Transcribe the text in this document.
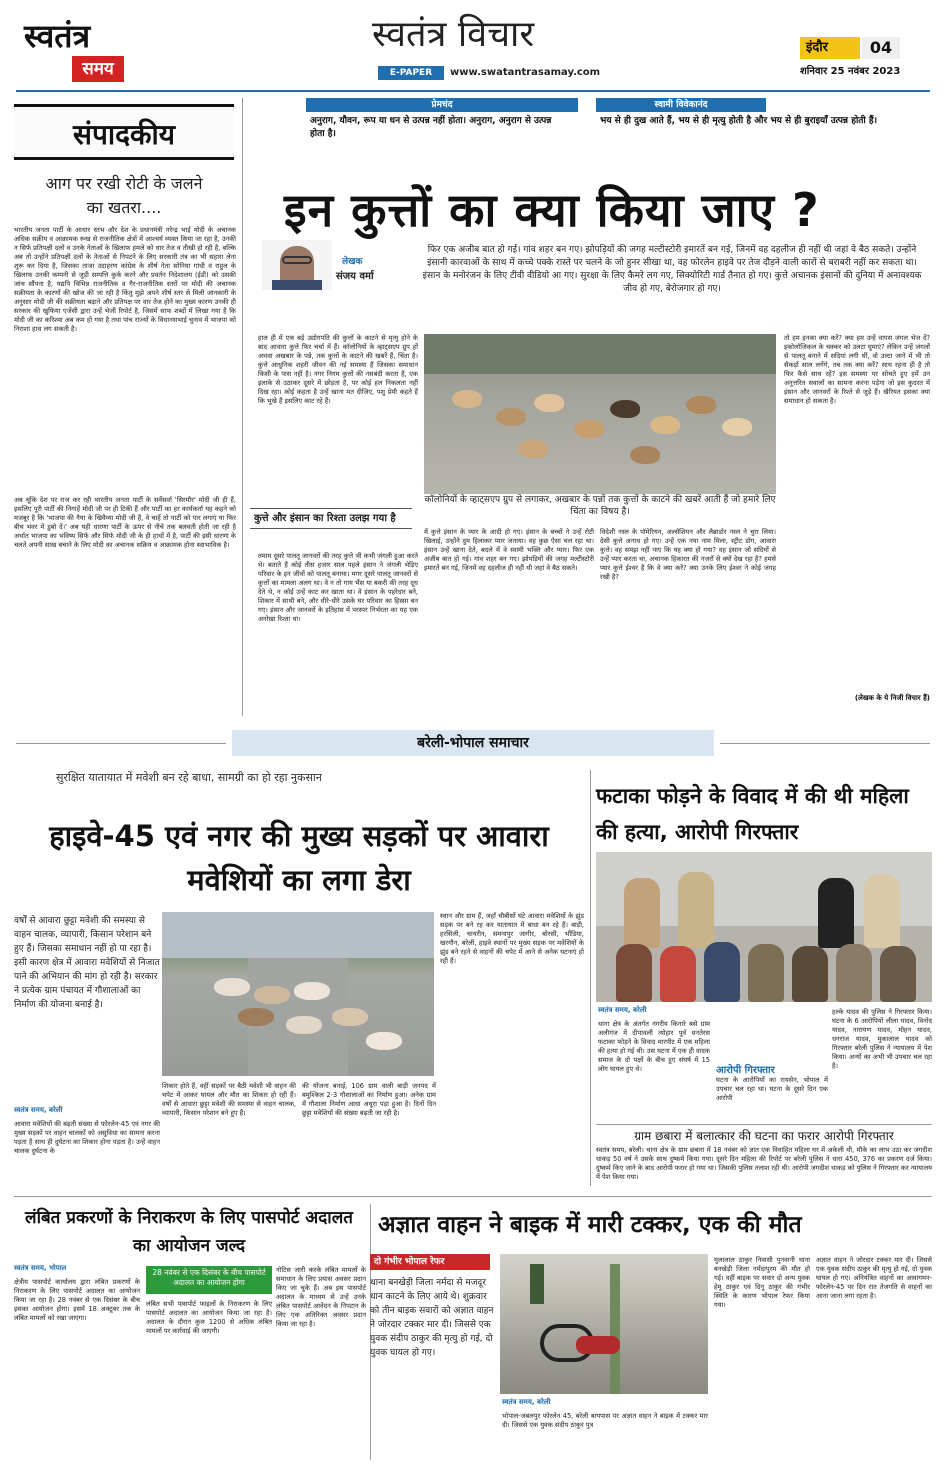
स्वतंत्र
समय
स्वतंत्र विचार
E-PAPER	www.swatantrasamay.com
इंदौर	04
शनिवार 25 नवंबर 2023
प्रेमचंद
अनुराग, यौवन, रूप या धन से उत्पन्न नहीं होता। अनुराग, अनुराग से उत्पन्न होता है।
स्वामी विवेकानंद
भय से ही दुख आते हैं, भय से ही मृत्यु होती है और भय से ही बुराइयाँ उत्पन्न होती हैं।
संपादकीय
आग पर रखी रोटी के जलने का खतरा....
भारतीय जनता पार्टी के आधार स्तंभ और देश के प्रधानमंत्री नरेन्द्र भाई मोदी के अचानक अधिक सक्रीय व आक्रामक रूख से राजनीतिक क्षेत्रों में आश्चर्य व्यक्त किया जा रहा है, उनकी न सिर्फ प्रतिपक्षी दलों व उनके नेताओं के खिलाफ हमले को धार तेज व तीखी हो रही है, बल्कि अब तो उन्होंने प्रतिपक्षी दलों के नेताओं से निपटने के लिए सरकारी तंत्र का भी सहारा लेना शुरू कर दिया है, जिसका ताजा उदाहरण कांग्रेस के शीर्ष नेता सोनिया गांधी व राहुल के खिलाफ उनकी कम्पनी से जुड़ी सम्पत्ति कुर्क करने और प्रवर्तन निदेशालय (ईडी) को उसकी जांच सौंपना है, यद्यपि विभिन्न राजनीतिक व गैर-राजनीतिक स्तरों पर मोदी की अचानक सक्रीयता के कारणों की खोज की जा रही है किंतु मुझे अपने शीर्ष स्तर से मिली जानकारी के अनुसार मोदी जी की सक्रीयता बढ़ाने और प्रतिपक्ष पर वार तेज होने का मुख्य कारण उनकी ही सरकार की खुफिया एजेंसी द्वारा उन्हें भेजी रिपोर्ट है, जिसमें साफ शब्दों में लिखा गया है कि मोदी जी का करिश्मा अब कम हो गया है तथा पांच राज्यों के विधानसभाई चुनाव में भाजपा को निराशा हाथ लग सकती है।
अब चूंकि देश पर राज कर रही भारतीय जनता पार्टी के सर्वेसर्वा 'सिरमौर' मोदी जी ही हैं, इसलिए पूरी पार्टी की निगाहें मोदी जी पर ही टिकी हैं और पार्टी का हर कार्यकर्ता यह कहने को मजबूर है कि 'भाजपा की नैया के खिवैय्या मोदी जी हैं, वे चाहें तो पार्टी को पार लगाएं या फिर बीच भंवर में डुबो दें।' अब यही धारणा पार्टी के ऊपर से नीचे तक बलवती होती जा रही है अर्थात भाजपा का भविष्य सिर्फ और सिर्फ मोदी जी के ही हाथों में है, पार्टी की इसी धारणा के चलते अपनी साख बचाने के लिए मोदी का अचानक सक्रिय व आक्रामक होना स्वाभाविक है।
इन कुत्तों का क्या किया जाए ?
लेखक
संजय वर्मा
फिर एक अजीब बात हो गई। गांव शहर बन गए। झोपड़ियों की जगह मल्टीस्टोरी इमारतें बन गई, जिनमें वह दहलीज ही नहीं थी जहां वे बैठ सकते। उन्होंने इंसानी कारवाओं के साथ में कच्चे पक्के रास्ते पर चलने के जो हुनर सीखा था, वह फोरलेन हाइवे पर तेज दौड़ने वाली कारों से बराबरी नहीं कर सकता था। इंसान के मनोरंजन के लिए टीवी वीडियो आ गए। सुरक्षा के लिए कैमरे लग गए, सिक्योरिटी गार्ड तैनात हो गए। कुत्ते अचानक इंसानों की दुनिया में अनावश्यक जीव हो गए, बेरोजगार हो गए।
हाल ही में एक बड़े उद्योगपति की कुत्तों के काटने से मृत्यु होने के बाद आवारा कुत्ते फिर चर्चा में हैं। कॉलोनियों के व्हाट्सएप ग्रुप हों अथवा अखबार के पन्ने, तक कुत्तों के काटने की खबरें हैं, चिंता है। कुत्ते आधुनिक शहरी जीवन की नई समस्या हैं जिसका समाधान किसी के पास नहीं है। नगर निगम कुत्तों की नसबंदी करता है, एक इलाके से उठाकर दूसरे में छोड़ता है, पर कोई हल निकलता नहीं दिख रहा। कोई कहता है उन्हें खाना मत दीजिए, पशु प्रेमी कहते हैं कि भूखे हैं इसलिए काट रहे हैं।
कुत्ते और इंसान का रिश्ता उलझ गया है
तमाम दूसरे पालतू जानवरों की तरह कुत्ते भी कभी जंगली हुआ करते थे। बताते हैं कोई तीस हजार साल पहले इंसान ने जंगली भेड़िए परिवार के इन जीवों को पालतू बनाया। मगर दूसरे पालतू जानवरों से कुत्तों का मामला अलग था। वे न तो गाय भैंस या बकरी की तरह दूध देते थे, न कोई उन्हें काट कर खाता था। वे इंसान के पहरेदार बने, शिकार में साथी बने, और धीरे-धीरे उसके घर परिवार का हिस्सा बन गए। इंसान और जानवरों के इतिहास में परस्पर निर्भरता का यह एक अनोखा रिश्ता था।
कॉलोनियों के व्हाट्सएप ग्रुप से लगाकर, अखबार के पन्नों तक कुत्तों के काटने की खबरें आती हैं जो हमारे लिए चिंता का विषय है।
में कुत्ते इंसान के प्यार के आदी हो गए। इंसान के बच्चों ने उन्हें रोटी खिलाई, उन्होंने दुम हिलाकर प्यार जताया। वह कुछ ऐसा चल रहा था। इंसान उन्हें खाना देते, बदले में वे स्वामी भक्ति और प्यार। फिर एक अजीब बात हो गई। गांव शहर बन गए। झोपड़ियों की जगह मल्टीस्टोरी इमारतें बन गई, जिनमें वह दहलीज ही नहीं थी जहां वे बैठ सकते।
विदेशी नस्ल के पॉमेरियन, अल्सेशियन और लैब्राडोर नस्ल ने चुरा लिया। देसी कुत्ते अनाथ हो गए। उन्हें एक नया नाम मिला, स्ट्रीट डॉग, आवारा कुत्ते। वह समझ नहीं पाए कि यह क्या हो गया? वह इंसान जो सदियों से उन्हें प्यार करता था, अचानक हिकारत की नजरों से क्यों देख रहा है? हमसे प्यार कुत्ते ईश्वर हैं कि वे क्या करें? क्या उनके लिए ईश्वर ने कोई जगह रखी है?
तो हम इनका क्या करें? क्या हम उन्हें वापस जंगल भेज दें? इकोलॉजिकल के चक्कर को उलटा घुमाएं? लेकिन उन्हें जंगलों से पालतू बनाने में सदियां लगी थीं, वो उल्टा जाने में भी तो सैकड़ों साल लगेंगे, तब तक क्या करें? साथ रहना ही है तो फिर कैसे साथ रहें? इस समस्या पर सोचते हुए हमें उन अनुत्तरित सवालों का सामना करना पड़ेगा जो इस कुदरत में इंसान और जानवरों के रिश्ते से जुड़े हैं। खैरियत इसका क्या समाधान हो सकता है।
(लेखक के ये निजी विचार हैं)
बरेली-भोपाल समाचार
सुरक्षित यातायात में मवेशी बन रहे बाधा, सामग्री का हो रहा नुकसान
हाइवे-45 एवं नगर की मुख्य सड़कों पर आवारा मवेशियों का लगा डेरा
वर्षों से आवारा छुट्टा मवेशी की समस्या से वाहन चालक, व्यापारी, किसान परेशान बने हुए हैं। जिसका समाधान नहीं हो पा रहा है। इसी कारण क्षेत्र में आवारा मवेशियों से निजात पाने की अभियान की मांग हो रही है। सरकार ने प्रत्येक ग्राम पंचायत में गौशालाओं का निर्माण की योजना बनाई है।
स्वतंत्र समय, बरेली
आवारा मवेशियों की बढ़ती संख्या से फोरलेन-45 एवं नगर की मुख्य सड़कों पर वाहन चालकों को असुविधा का सामना करना पड़ता है साथ ही दुर्घटना का शिकार होना पड़ता है। उन्हें वाहन चालक दुर्घटना के
शिकार होते हैं, वहीं सड़कों पर बैठी मवेशी भी वाहन की चपेट में आकर घायल और मौत का शिकार हो रही हैं। वर्षों से आवारा छुट्टा मवेशी की समस्या से वाहन चालक, व्यापारी, किसान परेशान बने हुए हैं।
की योजना बनाई, 106 ग्राम वाली बाड़ी जनपद में बमुश्किल 2-3 गौशालाओं का निर्माण हुआ। अनेक ग्राम में गौशाला निर्माण आधा अधूरा पड़ा हुआ है। दिनों दिन छुट्टा मवेशियों की संख्या बढ़ती जा रही है।
स्थान और ग्राम हैं, जहाँ चौबीसों घंटे आवारा मवेशियों के झुंड सड़क पर बने रह कर यातायात में बाधा बन रहे हैं। बाड़ी, हरसिली, चायरीन, समनापुर जागीर, बोरसी, भौंडिया, खरगौन, बरेली, हाइवे स्थानों पर मुख्य सड़क पर मवेशियों के झुंड बने रहने से वाहनों की चपेट में आने से अनेक घटनाएं हो रही हैं।
फटाका फोड़ने के विवाद में की थी महिला की हत्या, आरोपी गिरफ्तार
स्वतंत्र समय, बरेली
थाना क्षेत्र के अंतर्गत नगरीय किनारे बसे ग्राम अलीगंज में दीपावली त्योहार पूर्व धनतेरस फटाका फोड़ने के विवाद मारपीट में एक महिला की हत्या हो गई थी। उस घटना में एक ही वादक समाज के दो पक्षों के बीच हुए संघर्ष में 15 लोग घायल हुए थे।	आरोपी गिरफ्तार
घटना के आरोपियों का रायसेन, भोपाल में उपचार चल रहा था। घटना के दूसरे दिन एक आरोपी
हल्के यादव की पुलिस ने गिरफ्तार किया। घटना के 6 आरोपियों लीला यादव, विनोद यादव, नारायण यादव, मोहन यादव, धनराज यादव, मुकालाल यादव को गिरफ्तार बरेली पुलिस ने न्यायालय में पेश किया। अन्यों का अभी भी उपचार चल रहा है।
ग्राम छबारा में बलात्कार की घटना का फरार आरोपी गिरफ्तार
स्वतंत्र समय, बरेली। थाना क्षेत्र के ग्राम छबारा में 18 नवंबर को ज्ञात एक विवाहित महिला घर में अकेली थी, मौके का लाभ उठा कर जगदीश धाकड़ 50 वर्ष ने उसके साथ दुष्कर्म किया गया। दूसरे दिन महिला की रिपोर्ट पर बरेली पुलिस ने धारा 450, 376 का प्रकरण दर्ज किया। दुष्कर्म किए जाने के बाद आरोपी फरार हो गया था। जिसकी पुलिस तलाश रही थी। आरोपी जगदीश धाकड़ को पुलिस ने गिरफ्तार कर न्यायालय में पेश किया गया।
लंबित प्रकरणों के निराकरण के लिए पासपोर्ट अदालत का आयोजन जल्द
स्वतंत्र समय, भोपाल
क्षेत्रीय पासपोर्ट कार्यालय द्वारा लंबित प्रकरणों के निराकरण के लिए पासपोर्ट अदालत का आयोजन किया जा रहा है। 28 नवंबर से एक दिसंबर के बीच इसका आयोजन होगा। इसमें 18 अक्टूबर तक के लंबित मामलों को रखा जाएगा।
28 नवंबर से एक दिसंबर के बीच पासपोर्ट अदालत का आयोजन होगा
लंबित सभी पासपोर्ट फाइलों के निराकरण के लिए पासपोर्ट अदालत का आयोजन किया जा रहा है। अदालत के दौरान कुल 1200 से अधिक लंबित मामलों पर कार्रवाई की जाएगी।
नोटिस जारी करके लंबित मामलों के समाधान के लिए प्रयास अवसर प्रदान किए जा चुके हैं। अब इस पासपोर्ट अदालत के माध्यम से उन्हें उनके लंबित पासपोर्ट आवेदन के निपटान के लिए एक अतिरिक्त अवसर प्रदान किया जा रहा है।
अज्ञात वाहन ने बाइक में मारी टक्कर, एक की मौत
दो गंभीर भोपाल रेफर
थाना बनखेड़ी जिला नर्मदा से मजदूर धान काटने के लिए आये थे। शुक्रवार को तीन बाइक सवारों को अज्ञात वाहन ने जोरदार टक्कर मार दी। जिससे एक युवक संदीप ठाकुर की मृत्यु हो गई, दो युवक घायल हो गए।
स्वतंत्र समय, बरेली
भोपाल-जबलपुर फोरलेन 45, बरेली बायपास पर अज्ञात वाहन ने बाइक में टक्कर मार दी। जिससे एक युवक संदीप ठाकुर पुत्र
मुलालाल ठाकुर निवासी पुनवानी थाना बनखेड़ी जिला नर्मदापुरम की मौत हो गई। वहीं बाइक पर सवार दो अन्य युवक हेमू ठाकुर एवं दिनू ठाकुर की गंभीर स्थिति के कारण भोपाल रेफर किया गया।
अज्ञात वाहन ने जोरदार टक्कर मार दी। जिससे एक युवक संदीप ठाकुर की मृत्यु हो गई, दो युवक घायल हो गए। अनियंत्रित वाहनों का आवागमन-फोरलेन-45 पर दिन रात तेजगति से वाहनों का आना जाना लगा रहता है।
